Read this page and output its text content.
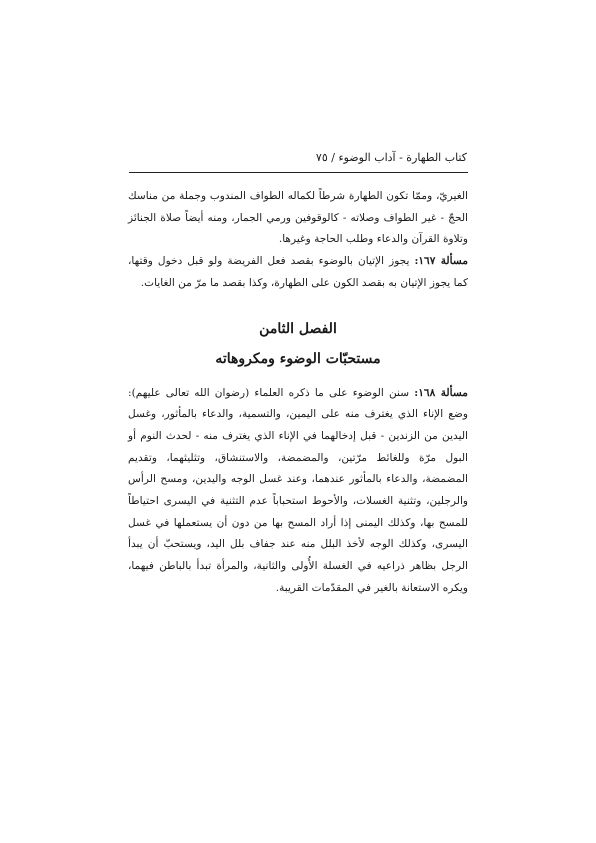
كتاب الطهارة - آداب الوضوء / ٧٥

الغيريّ، وممّا تكون الطهارة شرطاً لكماله الطواف المندوب وجملة من مناسك الحجّ - غير الطواف وصلاته - كالوقوفين ورمي الجمار، ومنه أيضاً صلاة الجنائز وتلاوة القرآن والدعاء وطلب الحاجة وغيرها.

مسألة ١٦٧: يجوز الإتيان بالوضوء بقصد فعل الفريضة ولو قبل دخول وقتها، كما يجوز الإتيان به بقصد الكون على الطهارة، وكذا بقصد ما مرّ من الغايات.

الفصل الثامن
مستحبّات الوضوء ومكروهاته

مسألة ١٦٨: سنن الوضوء على ما ذكره العلماء (رضوان الله تعالى عليهم): وضع الإناء الذي يغترف منه على اليمين، والتسمية، والدعاء بالمأثور، وغسل اليدين من الزندين - قبل إدخالهما في الإناء الذي يغترف منه - لحدث النوم أو البول مرّة وللغائط مرّتين، والمضمضة، والاستنشاق، وتثليثهما، وتقديم المضمضة، والدعاء بالمأثور عندهما، وعند غسل الوجه واليدين، ومسح الرأس والرجلين، وتثنية الغسلات، والأحوط استحباباً عدم التثنية في اليسرى احتياطاً للمسح بها، وكذلك اليمنى إذا أراد المسح بها من دون أن يستعملها في غسل اليسرى، وكذلك الوجه لأخذ البلل منه عند جفاف بلل اليد، ويستحبّ أن يبدأ الرجل بظاهر ذراعيه في الغسلة الأُولى والثانية، والمرأة تبدأ بالباطن فيهما، ويكره الاستعانة بالغير في المقدّمات القريبة.
